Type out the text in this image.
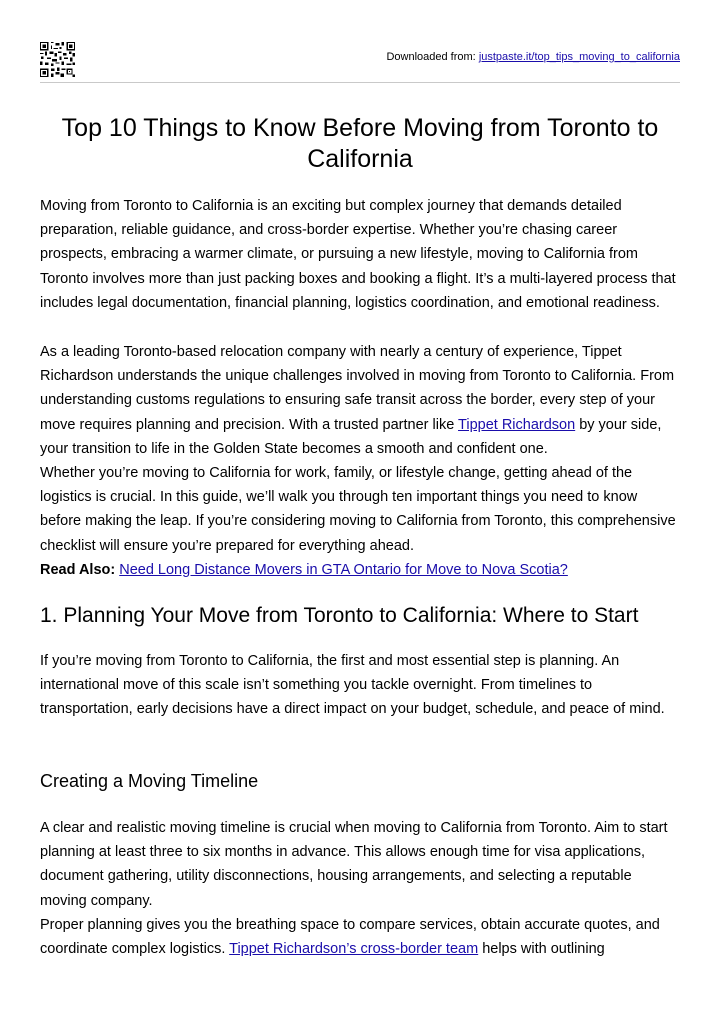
Downloaded from: justpaste.it/top_tips_moving_to_california
Top 10 Things to Know Before Moving from Toronto to California

Moving from Toronto to California is an exciting but complex journey that demands detailed preparation, reliable guidance, and cross-border expertise. Whether you’re chasing career prospects, embracing a warmer climate, or pursuing a new lifestyle, moving to California from Toronto involves more than just packing boxes and booking a flight. It’s a multi-layered process that includes legal documentation, financial planning, logistics coordination, and emotional readiness.

As a leading Toronto-based relocation company with nearly a century of experience, Tippet Richardson understands the unique challenges involved in moving from Toronto to California. From understanding customs regulations to ensuring safe transit across the border, every step of your move requires planning and precision. With a trusted partner like Tippet Richardson by your side, your transition to life in the Golden State becomes a smooth and confident one.

Whether you’re moving to California for work, family, or lifestyle change, getting ahead of the logistics is crucial. In this guide, we’ll walk you through ten important things you need to know before making the leap. If you’re considering moving to California from Toronto, this comprehensive checklist will ensure you’re prepared for everything ahead.

Read Also: Need Long Distance Movers in GTA Ontario for Move to Nova Scotia?

1. Planning Your Move from Toronto to California: Where to Start

If you’re moving from Toronto to California, the first and most essential step is planning. An international move of this scale isn’t something you tackle overnight. From timelines to transportation, early decisions have a direct impact on your budget, schedule, and peace of mind.

Creating a Moving Timeline

A clear and realistic moving timeline is crucial when moving to California from Toronto. Aim to start planning at least three to six months in advance. This allows enough time for visa applications, document gathering, utility disconnections, housing arrangements, and selecting a reputable moving company.

Proper planning gives you the breathing space to compare services, obtain accurate quotes, and coordinate complex logistics. Tippet Richardson’s cross-border team helps with outlining
